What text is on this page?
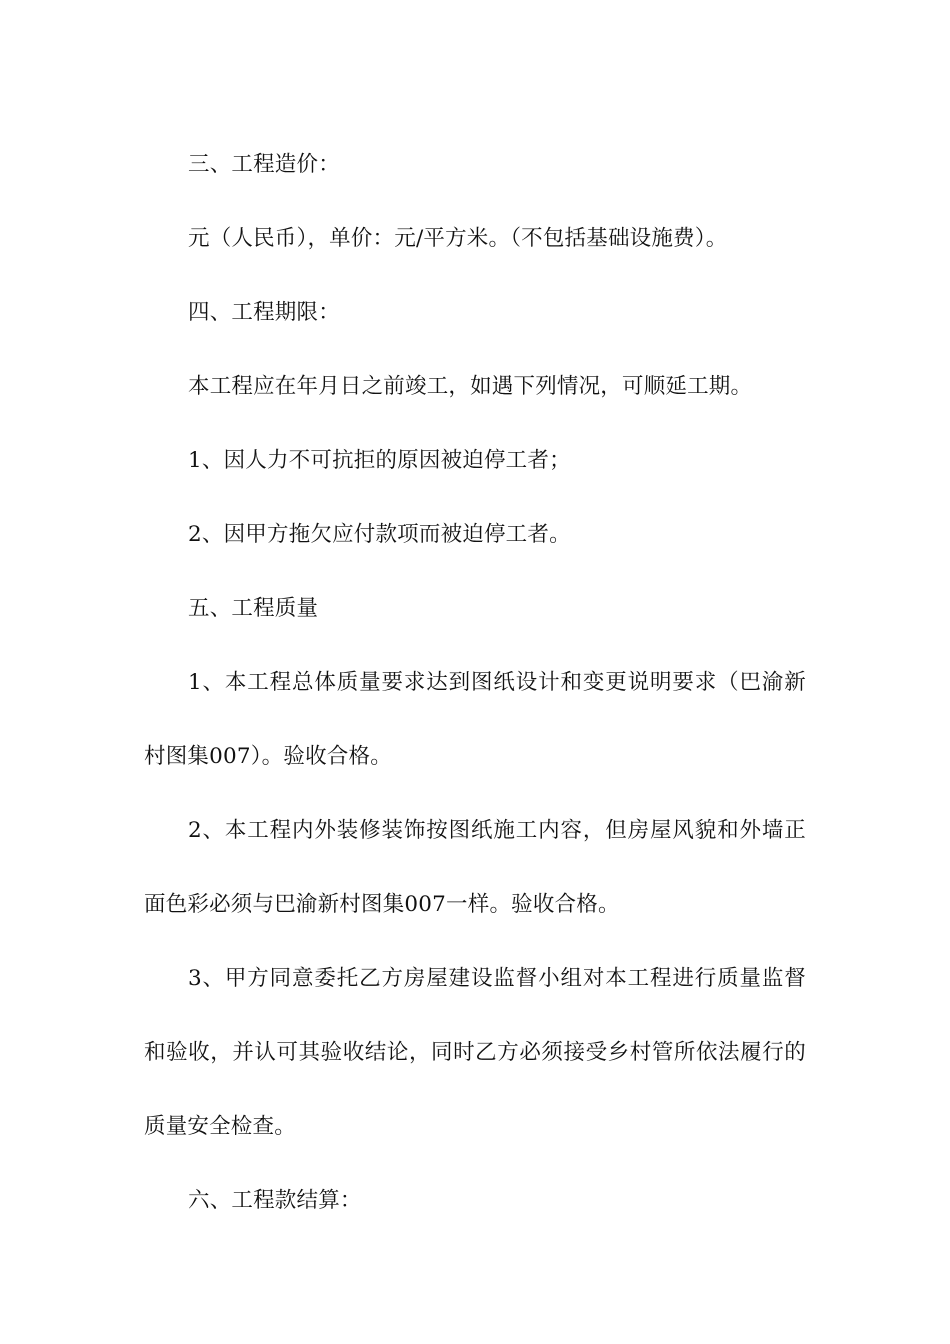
三、工程造价：

元（人民币），单价：元/平方米。（不包括基础设施费）。

四、工程期限：

本工程应在年月日之前竣工，如遇下列情况，可顺延工期。

1、因人力不可抗拒的原因被迫停工者；

2、因甲方拖欠应付款项而被迫停工者。

五、工程质量

1、本工程总体质量要求达到图纸设计和变更说明要求（巴渝新村图集007）。验收合格。

2、本工程内外装修装饰按图纸施工内容，但房屋风貌和外墙正面色彩必须与巴渝新村图集007一样。验收合格。

3、甲方同意委托乙方房屋建设监督小组对本工程进行质量监督和验收，并认可其验收结论，同时乙方必须接受乡村管所依法履行的质量安全检查。

六、工程款结算：
